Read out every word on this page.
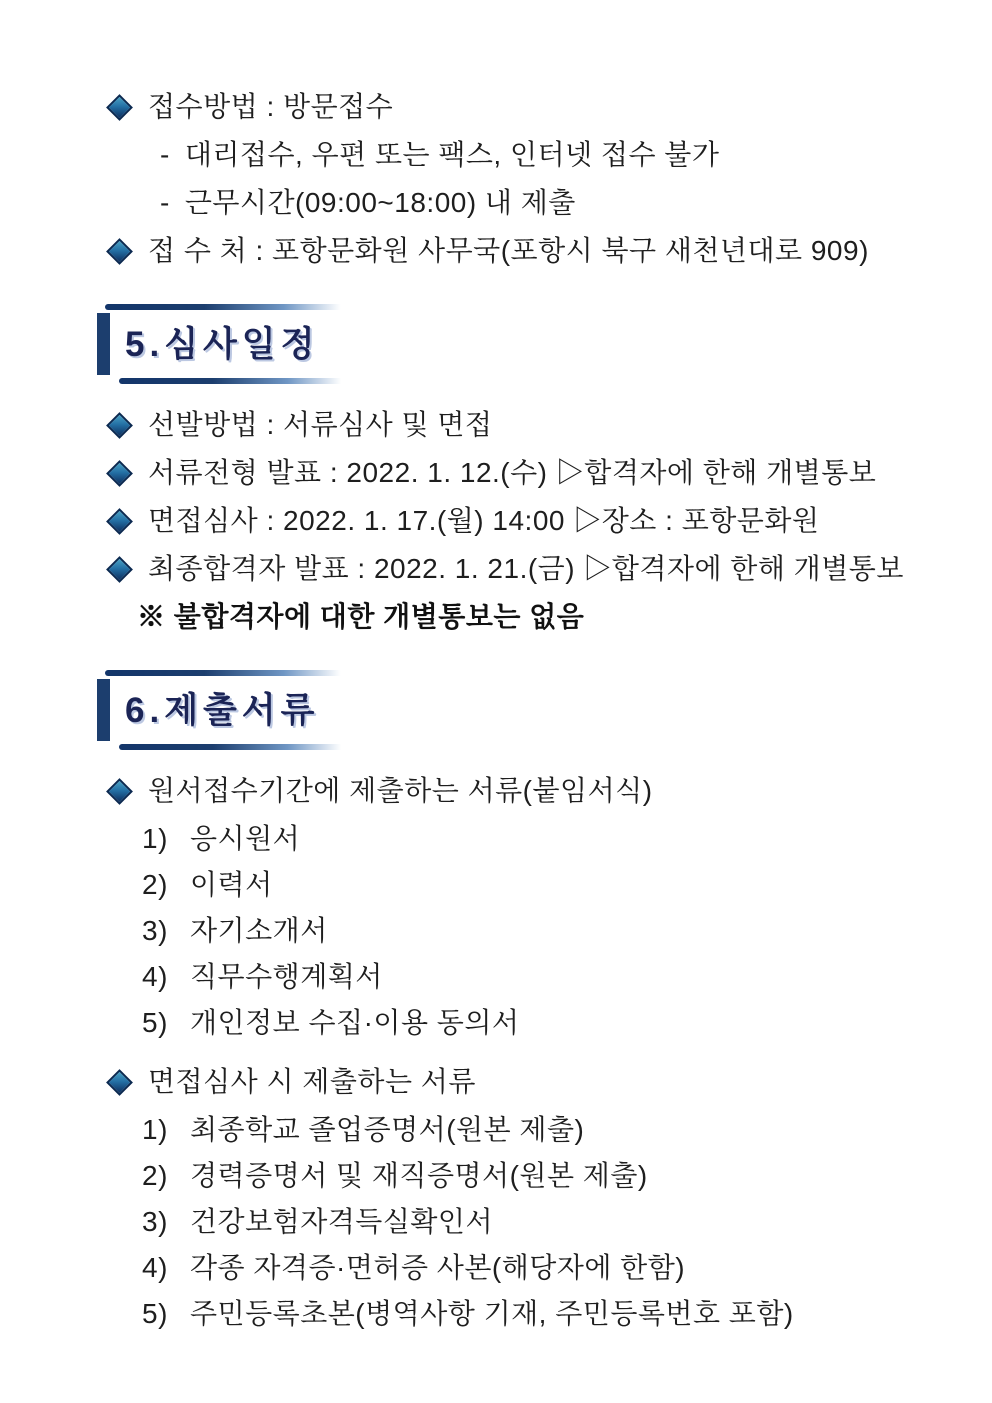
접수방법 : 방문접수
- 대리접수, 우편 또는 팩스, 인터넷 접수 불가
- 근무시간(09:00~18:00) 내 제출
접 수 처 : 포항문화원 사무국(포항시 북구 새천년대로 909)
5.심사일정
선발방법 : 서류심사 및 면접
서류전형 발표 : 2022. 1. 12.(수) ▷합격자에 한해 개별통보
면접심사 : 2022. 1. 17.(월) 14:00 ▷장소 : 포항문화원
최종합격자 발표 : 2022. 1. 21.(금) ▷합격자에 한해 개별통보
※ 불합격자에 대한 개별통보는 없음
6.제출서류
원서접수기간에 제출하는 서류(붙임서식)
1) 응시원서
2) 이력서
3) 자기소개서
4) 직무수행계획서
5) 개인정보 수집·이용 동의서
면접심사 시 제출하는 서류
1) 최종학교 졸업증명서(원본 제출)
2) 경력증명서 및 재직증명서(원본 제출)
3) 건강보험자격득실확인서
4) 각종 자격증·면허증 사본(해당자에 한함)
5) 주민등록초본(병역사항 기재, 주민등록번호 포함)
